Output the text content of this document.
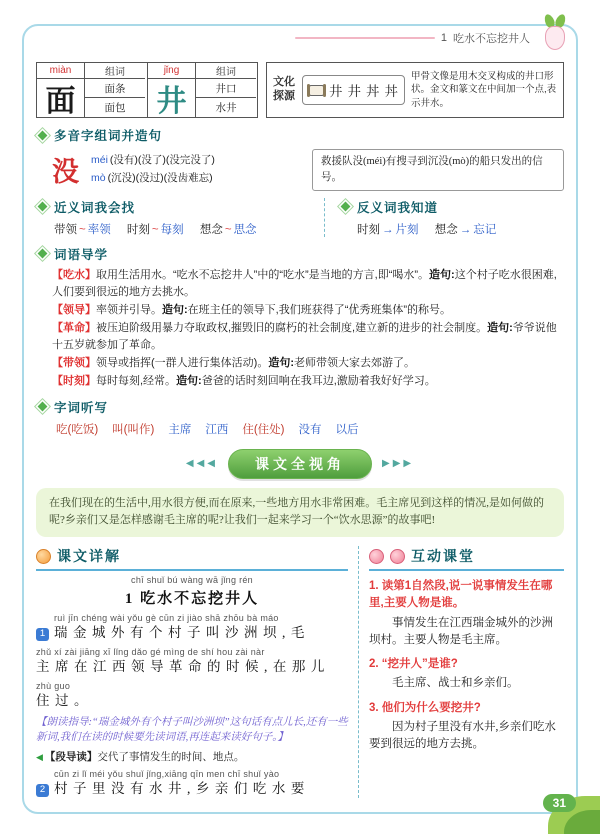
1 吃水不忘挖井人
miàn	组词
面	面条
面包
jǐng	组词
井	井口
水井
文化
探源	井 井 丼 丼
甲骨文像是用木交叉构成的井口形状。金文和篆文在中间加一个点,表示井水。
多音字组词并造句
没 méi (没有)(没了)(没完没了)
mò (沉没)(没过)(没齿难忘)
救援队没(méi)有搜寻到沉没(mò)的船只发出的信号。
近义词我会找
带领 ~ 率领 时刻 ~ 每刻 想念 ~ 思念
反义词我知道
时刻 → 片刻 想念 → 忘记
词语导学

【吃水】取用生活用水。“吃水不忘挖井人”中的“吃水”是当地的方言,即“喝水”。造句:这个村子吃水很困难,人们要到很远的地方去挑水。

【领导】率领并引导。造句:在班主任的领导下,我们班获得了“优秀班集体”的称号。

【革命】被压迫阶级用暴力夺取政权,摧毁旧的腐朽的社会制度,建立新的进步的社会制度。造句:爷爷说他十五岁就参加了革命。

【带领】领导或指挥(一群人进行集体活动)。造句:老师带领大家去郊游了。

【时刻】每时每刻,经常。造句:爸爸的话时刻回响在我耳边,激励着我好好学习。

字词听写
吃(吃饭) 叫(叫作) 主席 江西 住(住处) 没有 以后
◀◀◀	课文全视角	▶▶▶
在我们现在的生活中,用水很方便,而在原来,一些地方用水非常困难。毛主席见到这样的情况,是如何做的呢?乡亲们又是怎样感谢毛主席的呢?让我们一起来学习一个“饮水思源”的故事吧!
课文详解
chī shuǐ bú wàng wā jǐng rén
1 吃水不忘挖井人
ruì jīn chéng wài yǒu gè cūn zi jiào shā zhōu bà máo
1 瑞金城外有个村子叫沙洲坝,毛
zhǔ xí zài jiāng xī lǐng dǎo gé mìng de shí hou zài nàr
主席在江西领导革命的时候,在那儿
zhù guo
住过。
【朗读指导:“瑞金城外有个村子叫沙洲坝”这句话有点儿长,还有一些新词,我们在读的时候要先读词语,再连起来读好句子。】
◀ 【段导读】交代了事情发生的时间、地点。
cūn zi lǐ méi yǒu shuǐ jǐng,xiāng qīn men chī shuǐ yào
2 村子里没有水井,乡亲们吃水要
互动课堂
1. 读第1自然段,说一说事情发生在哪里,主要人物是谁。
事情发生在江西瑞金城外的沙洲坝村。主要人物是毛主席。
2. “挖井人”是谁?
毛主席、战士和乡亲们。
3. 他们为什么要挖井?
因为村子里没有水井,乡亲们吃水要到很远的地方去挑。
31
